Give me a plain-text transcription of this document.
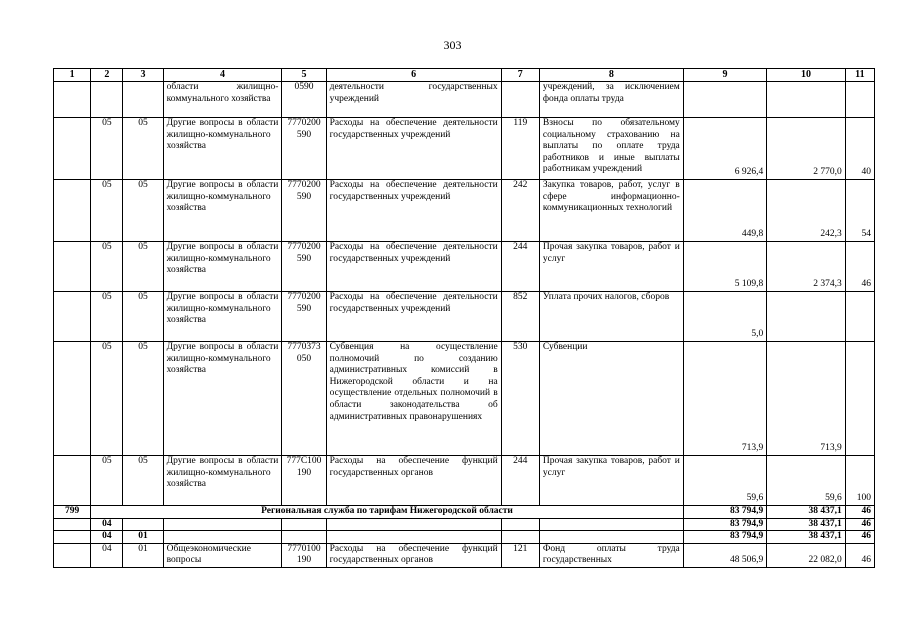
303
1	2	3	4	5	6	7	8	9	10	11
			области жилищно-коммунального хозяйства	0590	деятельности государственных учреждений		учреждений, за исключением фонда оплаты труда			
	05	05	Другие вопросы в области жилищно-коммунального хозяйства	7770200590	Расходы на обеспечение деятельности государственных учреждений	119	Взносы по обязательному социальному страхованию на выплаты по оплате труда работников и иные выплаты работникам учреждений	6 926,4	2 770,0	40
	05	05	Другие вопросы в области жилищно-коммунального хозяйства	7770200590	Расходы на обеспечение деятельности государственных учреждений	242	Закупка товаров, работ, услуг в сфере информационно-коммуникационных технологий	449,8	242,3	54
	05	05	Другие вопросы в области жилищно-коммунального хозяйства	7770200590	Расходы на обеспечение деятельности государственных учреждений	244	Прочая закупка товаров, работ и услуг	5 109,8	2 374,3	46
	05	05	Другие вопросы в области жилищно-коммунального хозяйства	7770200590	Расходы на обеспечение деятельности государственных учреждений	852	Уплата прочих налогов, сборов	5,0		
	05	05	Другие вопросы в области жилищно-коммунального хозяйства	7770373050	Субвенция на осуществление полномочий по созданию административных комиссий в Нижегородской области и на осуществление отдельных полномочий в области законодательства об административных правонарушениях	530	Субвенции	713,9	713,9	
	05	05	Другие вопросы в области жилищно-коммунального хозяйства	777C100190	Расходы на обеспечение функций государственных органов	244	Прочая закупка товаров, работ и услуг	59,6	59,6	100
799	Региональная служба по тарифам Нижегородской области							83 794,9	38 437,1	46
	04							83 794,9	38 437,1	46
	04	01						83 794,9	38 437,1	46
	04	01	Общеэкономические вопросы	7770100190	Расходы на обеспечение функций государственных органов	121	Фонд оплаты труда государственных	48 506,9	22 082,0	46
